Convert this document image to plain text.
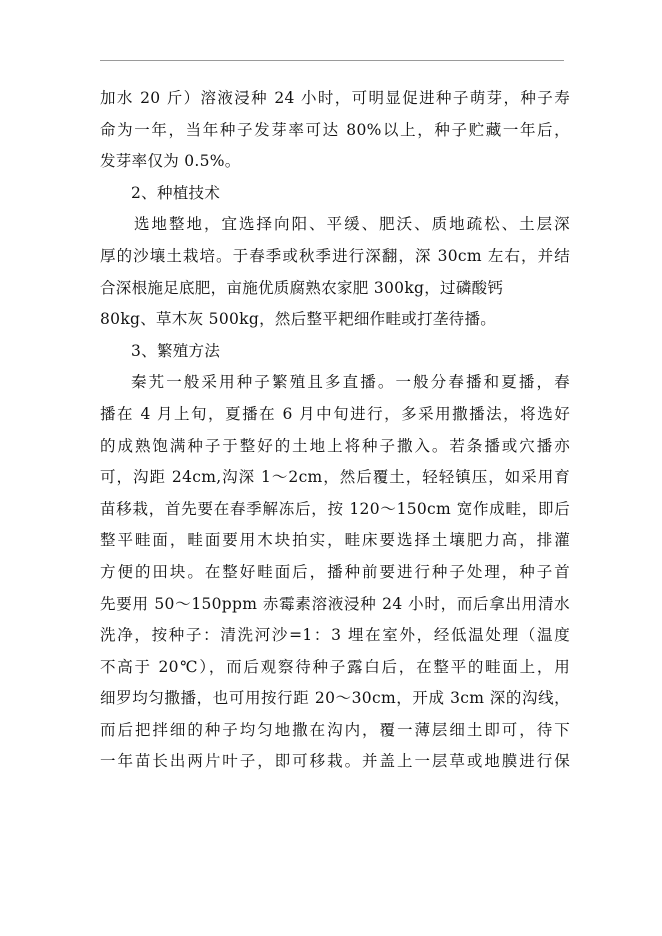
加水 20 斤）溶液浸种 24 小时，可明显促进种子萌芽，种子寿
命为一年，当年种子发芽率可达 80%以上，种子贮藏一年后，
发芽率仅为 0.5%。
2、种植技术
选地整地，宜选择向阳、平缓、肥沃、质地疏松、土层深
厚的沙壤土栽培。于春季或秋季进行深翻，深 30cm 左右，并结
合深根施足底肥，亩施优质腐熟农家肥 300kg，过磷酸钙
80kg、草木灰 500kg，然后整平耙细作畦或打垄待播。
3、繁殖方法
秦艽一般采用种子繁殖且多直播。一般分春播和夏播，春
播在 4 月上旬，夏播在 6 月中旬进行，多采用撒播法，将选好
的成熟饱满种子于整好的土地上将种子撒入。若条播或穴播亦
可，沟距 24cm,沟深 1～2cm，然后覆土，轻轻镇压，如采用育
苗移栽，首先要在春季解冻后，按 120～150cm 宽作成畦，即后
整平畦面，畦面要用木块拍实，畦床要选择土壤肥力高，排灌
方便的田块。在整好畦面后，播种前要进行种子处理，种子首
先要用 50～150ppm 赤霉素溶液浸种 24 小时，而后拿出用清水
洗净，按种子：清洗河沙=1：3 埋在室外，经低温处理（温度
不高于 20℃），而后观察待种子露白后，在整平的畦面上，用
细罗均匀撒播，也可用按行距 20～30cm，开成 3cm 深的沟线，
而后把拌细的种子均匀地撒在沟内，覆一薄层细土即可，待下
一年苗长出两片叶子，即可移栽。并盖上一层草或地膜进行保
